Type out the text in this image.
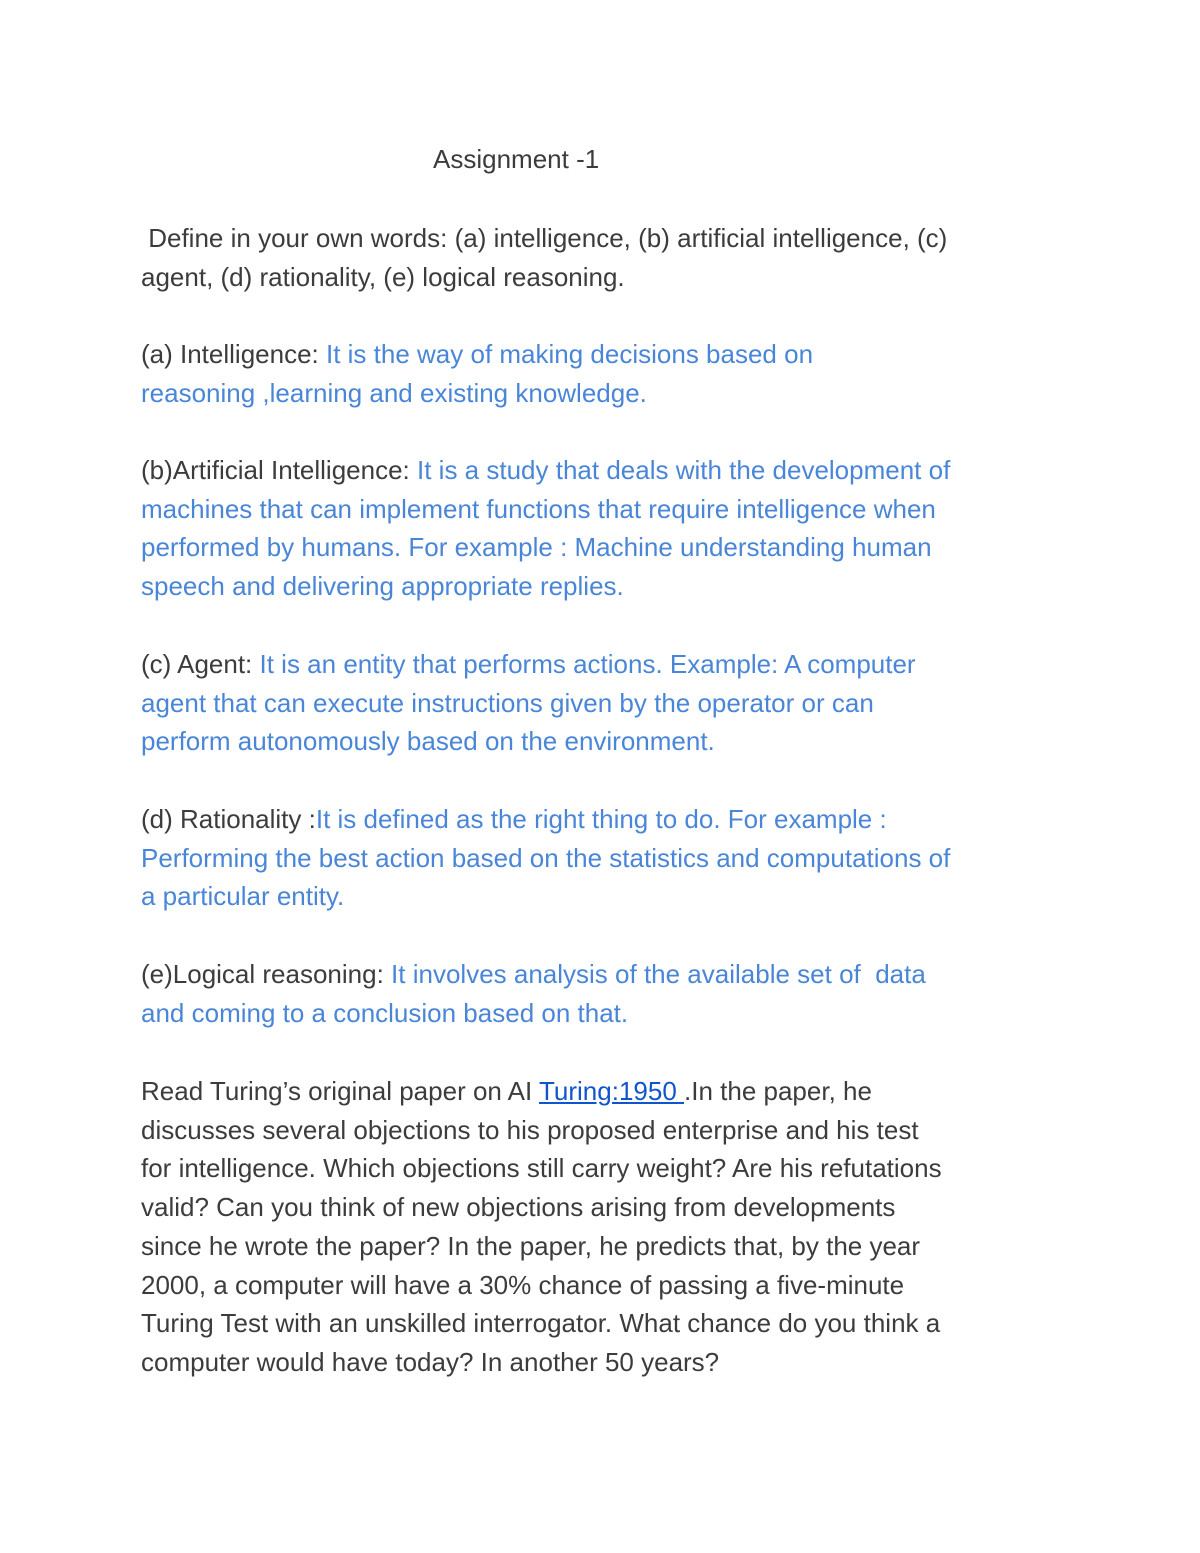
Assignment -1
Define in your own words: (a) intelligence, (b) artificial intelligence, (c)
agent, (d) rationality, (e) logical reasoning.
(a) Intelligence: It is the way of making decisions based on
reasoning ,learning and existing knowledge.
(b)Artificial Intelligence: It is a study that deals with the development of
machines that can implement functions that require intelligence when
performed by humans. For example : Machine understanding human
speech and delivering appropriate replies.
(c) Agent: It is an entity that performs actions. Example: A computer
agent that can execute instructions given by the operator or can
perform autonomously based on the environment.
(d) Rationality :It is defined as the right thing to do. For example :
Performing the best action based on the statistics and computations of
a particular entity.
(e)Logical reasoning: It involves analysis of the available set of  data
and coming to a conclusion based on that.
Read Turing’s original paper on AI Turing:1950 .In the paper, he
discusses several objections to his proposed enterprise and his test
for intelligence. Which objections still carry weight? Are his refutations
valid? Can you think of new objections arising from developments
since he wrote the paper? In the paper, he predicts that, by the year
2000, a computer will have a 30% chance of passing a five-minute
Turing Test with an unskilled interrogator. What chance do you think a
computer would have today? In another 50 years?
